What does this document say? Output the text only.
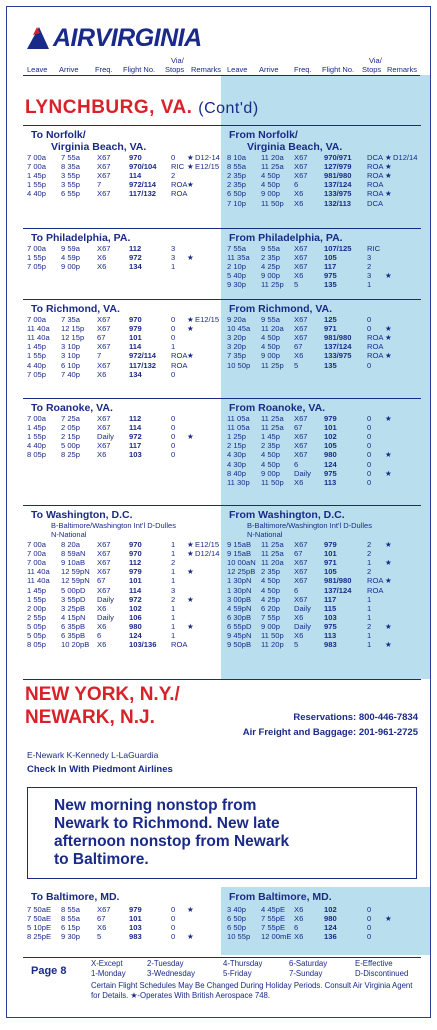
AIR VIRGINIA
Leave Arrive Freq. Flight No.
Via/
Stops Remarks Leave Arrive Freq. Flight No.
Via/
Stops Remarks
LYNCHBURG, VA. (Cont'd)
NEW YORK, N.Y./
NEWARK, N.J.	Reservations: 800-446-7834
Air Freight and Baggage: 201-961-2725
E-Newark K-Kennedy L-LaGuardia
Check In With Piedmont Airlines
New morning nonstop from
Newark to Richmond. New late
afternoon nonstop from Newark
to Baltimore.
Page 8
Certain Flight Schedules May Be Changed During Holiday Periods. Consult Air Virginia Agent for Details. ★-Operates With British Aerospace 748.
To Norfolk/	From Norfolk/
Virginia Beach, VA.	Virginia Beach, VA.
7 00a 7 55a X67 970	0 ★ D12-14
7 00a 8 35a X67 970/104 RIC ★ E12/15
1 45p 3 55p X67 114	2
1 55p 3 55p 7	972/114 ROA ★
4 40p 6 55p X67 117/132 ROA
8 10a 11 20a X67 970/971 DCA ★ D12/14
8 55a 11 25a X67 127/979 ROA ★
2 35p 4 50p X67 981/980 ROA ★
2 35p 4 50p 6	137/124 ROA
6 50p 9 00p X6	133/975 ROA ★
7 10p 11 50p X6	132/113 DCA
To Philadelphia, PA.	From Philadelphia, PA.
7 00a 9 59a X67 112	3
1 55p 4 59p X6	972	3 ★
7 05p 9 00p X6	134	1
7 55a 9 55a X67 107/125 RIC
11 35a 2 35p X67 105	3
2 10p 4 25p X67 117	2
5 40p 9 00p X6	975	3 ★
9 30p 11 25p 5	135	1
To Richmond, VA.	From Richmond, VA.
7 00a 7 35a X67 970	0 ★ E12/15
11 40a 12 15p X67 979	0 ★
11 40a 12 15p 67	101	0
1 45p 3 10p X67 114	1
1 55p 3 10p 7	972/114 ROA ★
4 40p 6 10p X67 117/132 ROA
7 05p 7 40p X6	134	0
9 20a 9 55a X67 125	0
10 45a 11 20a X67 971	0 ★
3 20p 4 50p X67 981/980 ROA ★
3 20p 4 50p 67	137/124 ROA
7 35p 9 00p X6	133/975 ROA ★
10 50p 11 25p 5	135	0
To Roanoke, VA.	From Roanoke, VA.
7 00a 7 25a X67 112	0
1 45p 2 05p X67 114	0
1 55p 2 15p Daily 972	0 ★
4 40p 5 00p X67 117	0
8 05p 8 25p X6	103	0
11 05a 11 25a X67 979	0 ★
11 05a 11 25a 67	101	0
1 25p 1 45p X67 102	0
2 15p 2 35p X67 105	0
4 30p 4 50p X67 980	0 ★
4 30p 4 50p 6	124	0
8 40p 9 00p Daily 975	0 ★
11 30p 11 50p X6	113	0
To Washington, D.C.	From Washington, D.C.
B-Baltimore/Washington Int'l D-Dulles	B-Baltimore/Washington Int'l D-Dulles
N-National	N-National
7 00a 8 20a X67 970	1 ★ E12/15
7 00a 8 59aN X67 970	1 ★ D12/14
7 00a 9 10aB X67 112	2
11 40a 12 59pN X67 979	1 ★
11 40a 12 59pN 67	101	1
1 45p 5 00pD X67 114	3
1 55p 3 55pD Daily 972	2 ★
2 00p 3 25pB X6	102	1
2 55p 4 15pN Daily 106	1
5 05p 6 35pB X6	980	1 ★
5 05p 6 35pB 6	124	1
8 05p 10 20pB X6	103/136 ROA
9 15aB 11 25a X67 979	2 ★
9 15aB 11 25a 67	101	2
10 00aN 11 20a X67 971	1 ★
12 25pB 2 35p X67 105	2
1 30pN 4 50p X67 981/980 ROA ★
1 30pN 4 50p 6	137/124 ROA
3 00pB 4 25p X67 117	1
4 59pN 6 20p Daily 115	1
6 30pB 7 55p X6	103	1
6 55pD 9 00p Daily 975	2 ★
9 45pN 11 50p X6	113	1
9 50pB 11 20p 5	983	1 ★
To Baltimore, MD.	From Baltimore, MD.
7 50aE 8 55a X67 979	0 ★
7 50aE 8 55a 67	101	0
5 10pE 6 15p X6	103	0
8 25pE 9 30p 5	983	0 ★
3 40p 4 45pE X6	102	0
6 50p 7 55pE X6	980	0 ★
6 50p 7 55pE 6	124	0
10 55p 12 00mE X6	136	0
X-Except	2-Tuesday	4-Thursday	6-Saturday	E-Effective
1-Monday	3-Wednesday	5-Friday	7-Sunday	D-Discontinued
